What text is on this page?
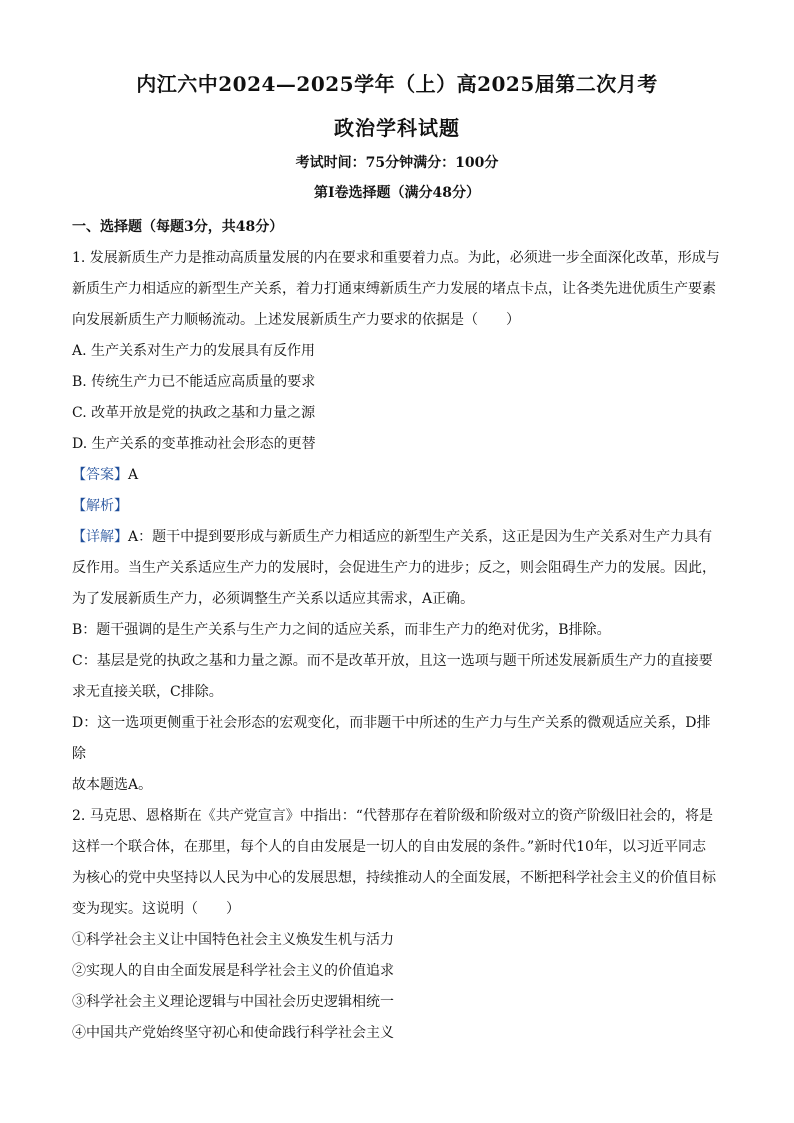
内江六中2024—2025学年（上）高2025届第二次月考
政治学科试题
考试时间：75分钟满分：100分
第Ⅰ卷选择题（满分48分）

一、选择题（每题3分，共48分）

1. 发展新质生产力是推动高质量发展的内在要求和重要着力点。为此，必须进一步全面深化改革，形成与

新质生产力相适应的新型生产关系，着力打通束缚新质生产力发展的堵点卡点，让各类先进优质生产要素

向发展新质生产力顺畅流动。上述发展新质生产力要求的依据是（　　）

A. 生产关系对生产力的发展具有反作用

B. 传统生产力已不能适应高质量的要求

C. 改革开放是党的执政之基和力量之源

D. 生产关系的变革推动社会形态的更替

【答案】A

【解析】

【详解】A：题干中提到要形成与新质生产力相适应的新型生产关系，这正是因为生产关系对生产力具有

反作用。当生产关系适应生产力的发展时，会促进生产力的进步；反之，则会阻碍生产力的发展。因此，

为了发展新质生产力，必须调整生产关系以适应其需求，A正确。

B：题干强调的是生产关系与生产力之间的适应关系，而非生产力的绝对优劣，B排除。

C：基层是党的执政之基和力量之源。而不是改革开放，且这一选项与题干所述发展新质生产力的直接要

求无直接关联，C排除。

D：这一选项更侧重于社会形态的宏观变化，而非题干中所述的生产力与生产关系的微观适应关系，D排除

故本题选A。

2. 马克思、恩格斯在《共产党宣言》中指出：“代替那存在着阶级和阶级对立的资产阶级旧社会的，将是

这样一个联合体，在那里，每个人的自由发展是一切人的自由发展的条件。”新时代10年，以习近平同志

为核心的党中央坚持以人民为中心的发展思想，持续推动人的全面发展，不断把科学社会主义的价值目标

变为现实。这说明（　　）

①科学社会主义让中国特色社会主义焕发生机与活力

②实现人的自由全面发展是科学社会主义的价值追求

③科学社会主义理论逻辑与中国社会历史逻辑相统一

④中国共产党始终坚守初心和使命践行科学社会主义
